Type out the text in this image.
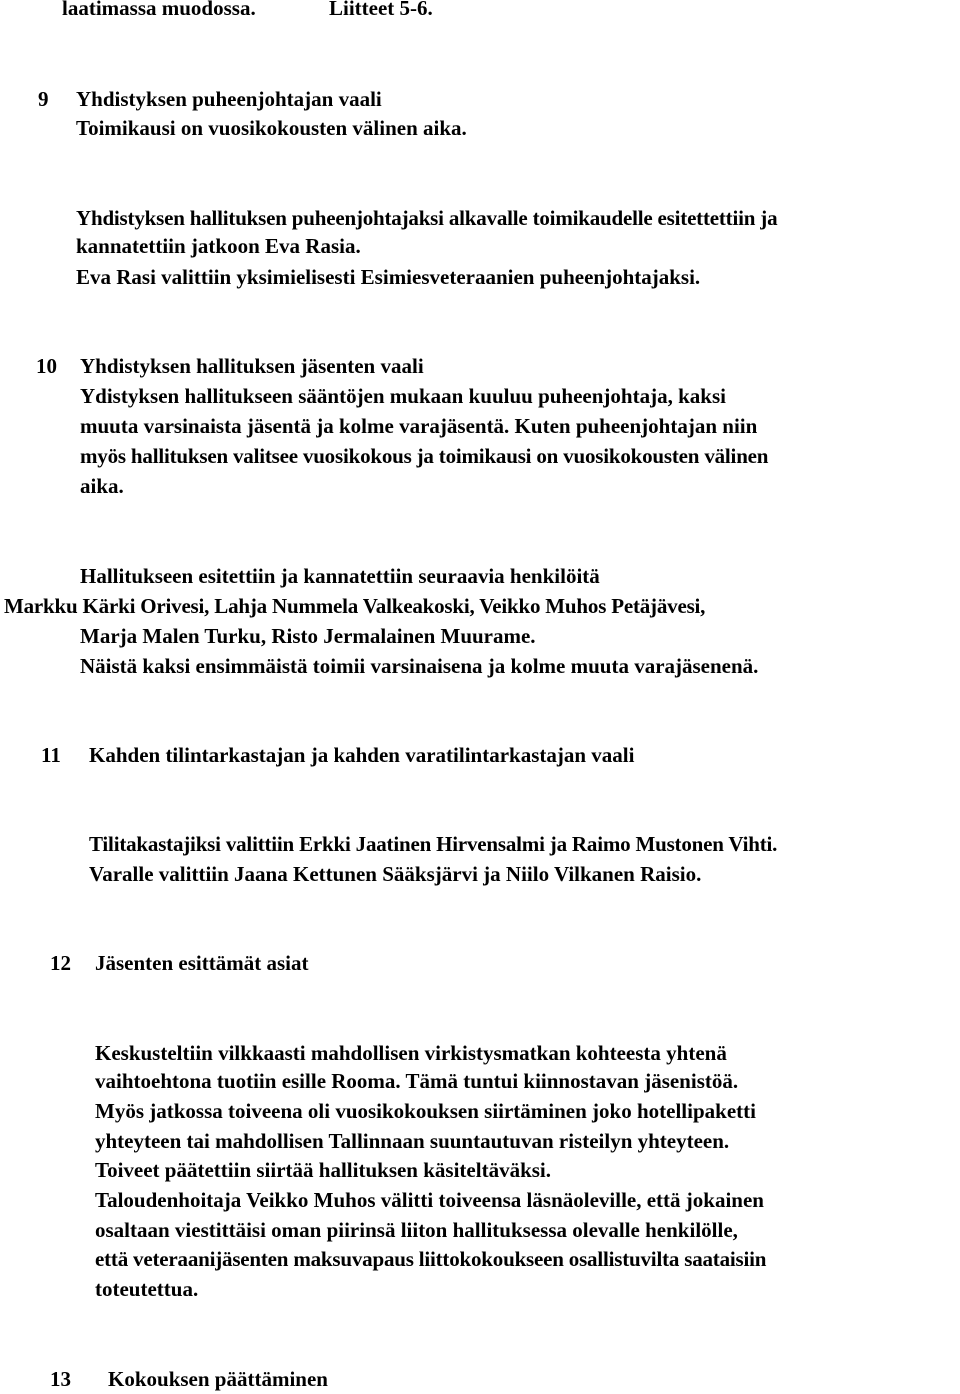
laatimassa muodossa.	Liitteet 5-6.
9 Yhdistyksen puheenjohtajan vaali
Toimikausi on vuosikokousten välinen aika.
Yhdistyksen hallituksen puheenjohtajaksi alkavalle toimikaudelle esitettettiin ja
kannatettiin jatkoon Eva Rasia.
Eva Rasi valittiin yksimielisesti Esimiesveteraanien puheenjohtajaksi.
10 Yhdistyksen hallituksen jäsenten vaali
Ydistyksen hallitukseen sääntöjen mukaan kuuluu puheenjohtaja, kaksi
muuta varsinaista jäsentä ja kolme varajäsentä. Kuten puheenjohtajan niin
myös hallituksen valitsee vuosikokous ja toimikausi on vuosikokousten välinen
aika.
Hallitukseen esitettiin ja kannatettiin seuraavia henkilöitä
Markku Kärki Orivesi, Lahja Nummela Valkeakoski, Veikko Muhos Petäjävesi,
Marja Malen Turku, Risto Jermalainen Muurame.
Näistä kaksi ensimmäistä toimii varsinaisena ja kolme muuta varajäsenenä.
11 Kahden tilintarkastajan ja kahden varatilintarkastajan vaali
Tilitakastajiksi valittiin Erkki Jaatinen Hirvensalmi ja Raimo Mustonen Vihti.
Varalle valittiin Jaana Kettunen Sääksjärvi ja Niilo Vilkanen Raisio.
12 Jäsenten esittämät asiat
Keskusteltiin vilkkaasti mahdollisen virkistysmatkan kohteesta yhtenä
vaihtoehtona tuotiin esille Rooma. Tämä tuntui kiinnostavan jäsenistöä.
Myös jatkossa toiveena oli vuosikokouksen siirtäminen joko hotellipaketti
yhteyteen tai mahdollisen Tallinnaan suuntautuvan risteilyn yhteyteen.
Toiveet päätettiin siirtää hallituksen käsiteltäväksi.
Taloudenhoitaja Veikko Muhos välitti toiveensa läsnäoleville, että jokainen
osaltaan viestittäisi oman piirinsä liiton hallituksessa olevalle henkilölle,
että veteraanijäsenten maksuvapaus liittokokoukseen osallistuvilta saataisiin
toteutettua.
13 Kokouksen päättäminen
